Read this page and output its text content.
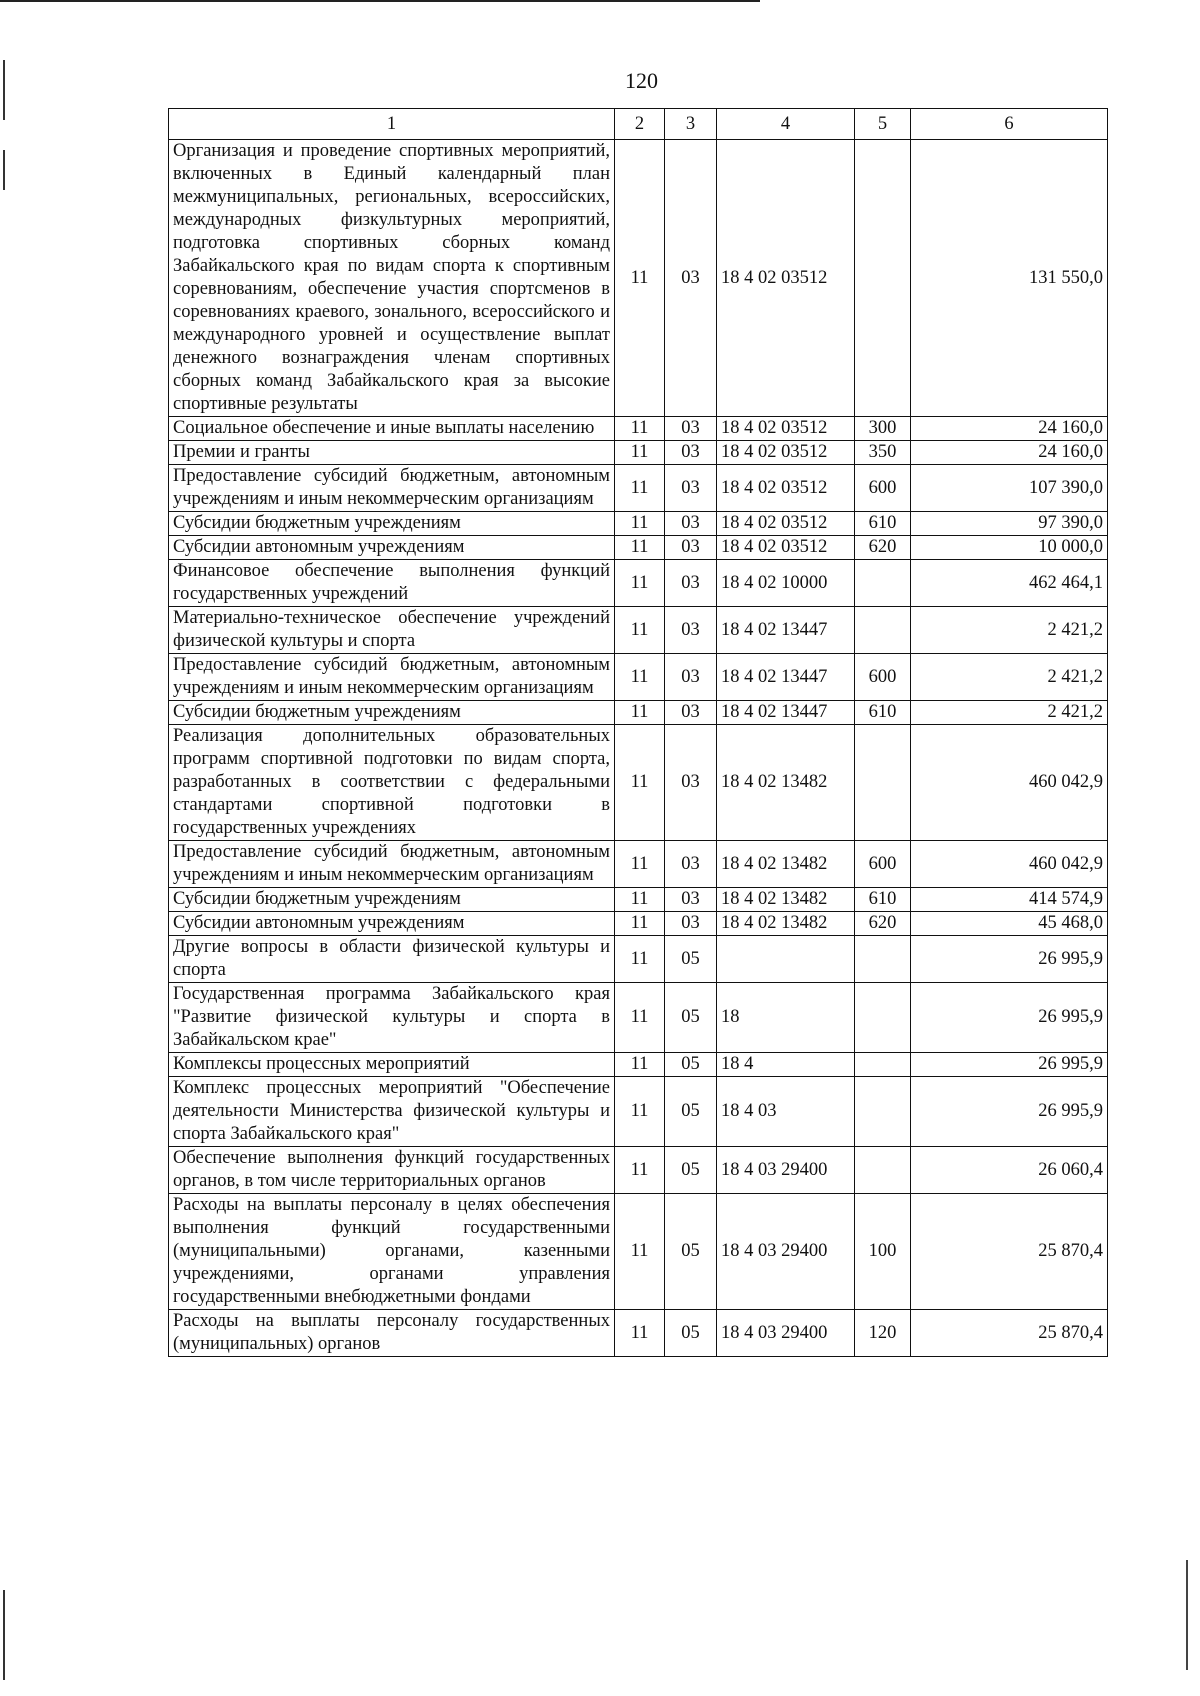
120
1	2	3	4	5	6
Организация и проведение спортивных мероприятий, включенных в Единый календарный план межмуниципальных, региональных, всероссийских, международных физкультурных мероприятий, подготовка спортивных сборных команд Забайкальского края по видам спорта к спортивным соревнованиям, обеспечение участия спортсменов в соревнованиях краевого, зонального, всероссийского и международного уровней и осуществление выплат денежного вознаграждения членам спортивных сборных команд Забайкальского края за высокие спортивные результаты	11	03	18 4 02 03512		131 550,0
Социальное обеспечение и иные выплаты населению	11	03	18 4 02 03512	300	24 160,0
Премии и гранты	11	03	18 4 02 03512	350	24 160,0
Предоставление субсидий бюджетным, автономным учреждениям и иным некоммерческим организациям	11	03	18 4 02 03512	600	107 390,0
Субсидии бюджетным учреждениям	11	03	18 4 02 03512	610	97 390,0
Субсидии автономным учреждениям	11	03	18 4 02 03512	620	10 000,0
Финансовое обеспечение выполнения функций государственных учреждений	11	03	18 4 02 10000		462 464,1
Материально-техническое обеспечение учреждений физической культуры и спорта	11	03	18 4 02 13447		2 421,2
Предоставление субсидий бюджетным, автономным учреждениям и иным некоммерческим организациям	11	03	18 4 02 13447	600	2 421,2
Субсидии бюджетным учреждениям	11	03	18 4 02 13447	610	2 421,2
Реализация дополнительных образовательных программ спортивной подготовки по видам спорта, разработанных в соответствии с федеральными стандартами спортивной подготовки в государственных учреждениях	11	03	18 4 02 13482		460 042,9
Предоставление субсидий бюджетным, автономным учреждениям и иным некоммерческим организациям	11	03	18 4 02 13482	600	460 042,9
Субсидии бюджетным учреждениям	11	03	18 4 02 13482	610	414 574,9
Субсидии автономным учреждениям	11	03	18 4 02 13482	620	45 468,0
Другие вопросы в области физической культуры и спорта	11	05			26 995,9
Государственная программа Забайкальского края "Развитие физической культуры и спорта в Забайкальском крае"	11	05	18		26 995,9
Комплексы процессных мероприятий	11	05	18 4		26 995,9
Комплекс процессных мероприятий "Обеспечение деятельности Министерства физической культуры и спорта Забайкальского края"	11	05	18 4 03		26 995,9
Обеспечение выполнения функций государственных органов, в том числе территориальных органов	11	05	18 4 03 29400		26 060,4
Расходы на выплаты персоналу в целях обеспечения выполнения функций государственными (муниципальными) органами, казенными учреждениями, органами управления государственными внебюджетными фондами	11	05	18 4 03 29400	100	25 870,4
Расходы на выплаты персоналу государственных (муниципальных) органов	11	05	18 4 03 29400	120	25 870,4
